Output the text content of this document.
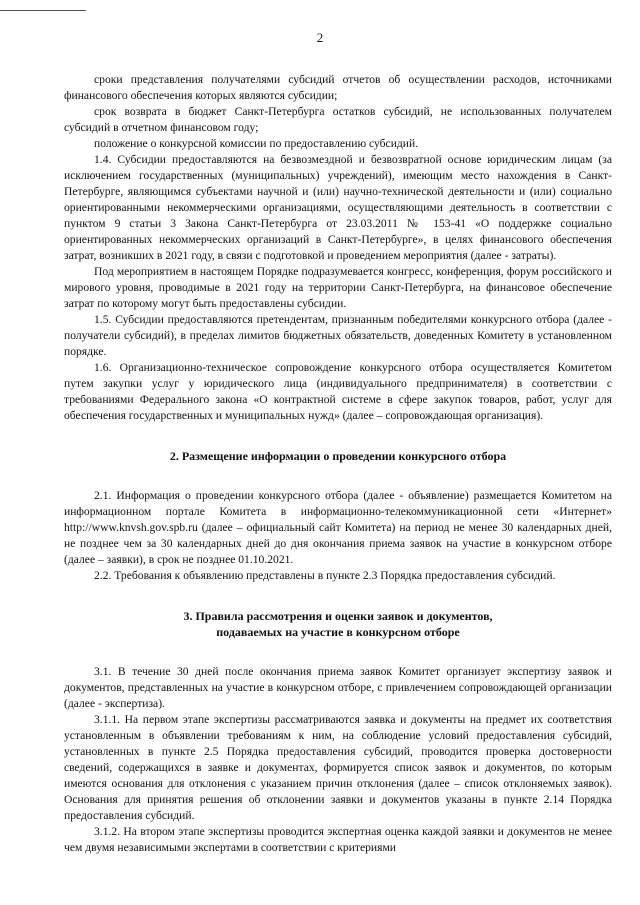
2

сроки представления получателями субсидий отчетов об осуществлении расходов, источниками финансового обеспечения которых являются субсидии;

срок возврата в бюджет Санкт-Петербурга остатков субсидий, не использованных получателем субсидий в отчетном финансовом году;

положение о конкурсной комиссии по предоставлению субсидий.

1.4. Субсидии предоставляются на безвозмездной и безвозвратной основе юридическим лицам (за исключением государственных (муниципальных) учреждений), имеющим место нахождения в Санкт-Петербурге, являющимся субъектами научной и (или) научно-технической деятельности и (или) социально ориентированными некоммерческими организациями, осуществляющими деятельность в соответствии с пунктом 9 статьи 3 Закона Санкт-Петербурга от 23.03.2011 № 153-41 «О поддержке социально ориентированных некоммерческих организаций в Санкт-Петербурге», в целях финансового обеспечения затрат, возникших в 2021 году, в связи с подготовкой и проведением мероприятия (далее - затраты).

Под мероприятием в настоящем Порядке подразумевается конгресс, конференция, форум российского и мирового уровня, проводимые в 2021 году на территории Санкт-Петербурга, на финансовое обеспечение затрат по которому могут быть предоставлены субсидии.

1.5. Субсидии предоставляются претендентам, признанным победителями конкурсного отбора (далее - получатели субсидий), в пределах лимитов бюджетных обязательств, доведенных Комитету в установленном порядке.

1.6. Организационно-техническое сопровождение конкурсного отбора осуществляется Комитетом путем закупки услуг у юридического лица (индивидуального предпринимателя) в соответствии с требованиями Федерального закона «О контрактной системе в сфере закупок товаров, работ, услуг для обеспечения государственных и муниципальных нужд» (далее – сопровождающая организация).

2. Размещение информации о проведении конкурсного отбора

2.1. Информация о проведении конкурсного отбора (далее - объявление) размещается Комитетом на информационном портале Комитета в информационно-телекоммуникационной сети «Интернет» http://www.knvsh.gov.spb.ru (далее – официальный сайт Комитета) на период не менее 30 календарных дней, не позднее чем за 30 календарных дней до дня окончания приема заявок на участие в конкурсном отборе (далее – заявки), в срок не позднее 01.10.2021.

2.2. Требования к объявлению представлены в пункте 2.3 Порядка предоставления субсидий.

3. Правила рассмотрения и оценки заявок и документов,

подаваемых на участие в конкурсном отборе

3.1. В течение 30 дней после окончания приема заявок Комитет организует экспертизу заявок и документов, представленных на участие в конкурсном отборе, с привлечением сопровождающей организации (далее - экспертиза).

3.1.1. На первом этапе экспертизы рассматриваются заявка и документы на предмет их соответствия установленным в объявлении требованиям к ним, на соблюдение условий предоставления субсидий, установленных в пункте 2.5 Порядка предоставления субсидий, проводится проверка достоверности сведений, содержащихся в заявке и документах, формируется список заявок и документов, по которым имеются основания для отклонения с указанием причин отклонения (далее – список отклоняемых заявок). Основания для принятия решения об отклонении заявки и документов указаны в пункте 2.14 Порядка предоставления субсидий.

3.1.2. На втором этапе экспертизы проводится экспертная оценка каждой заявки и документов не менее чем двумя независимыми экспертами в соответствии с критериями
